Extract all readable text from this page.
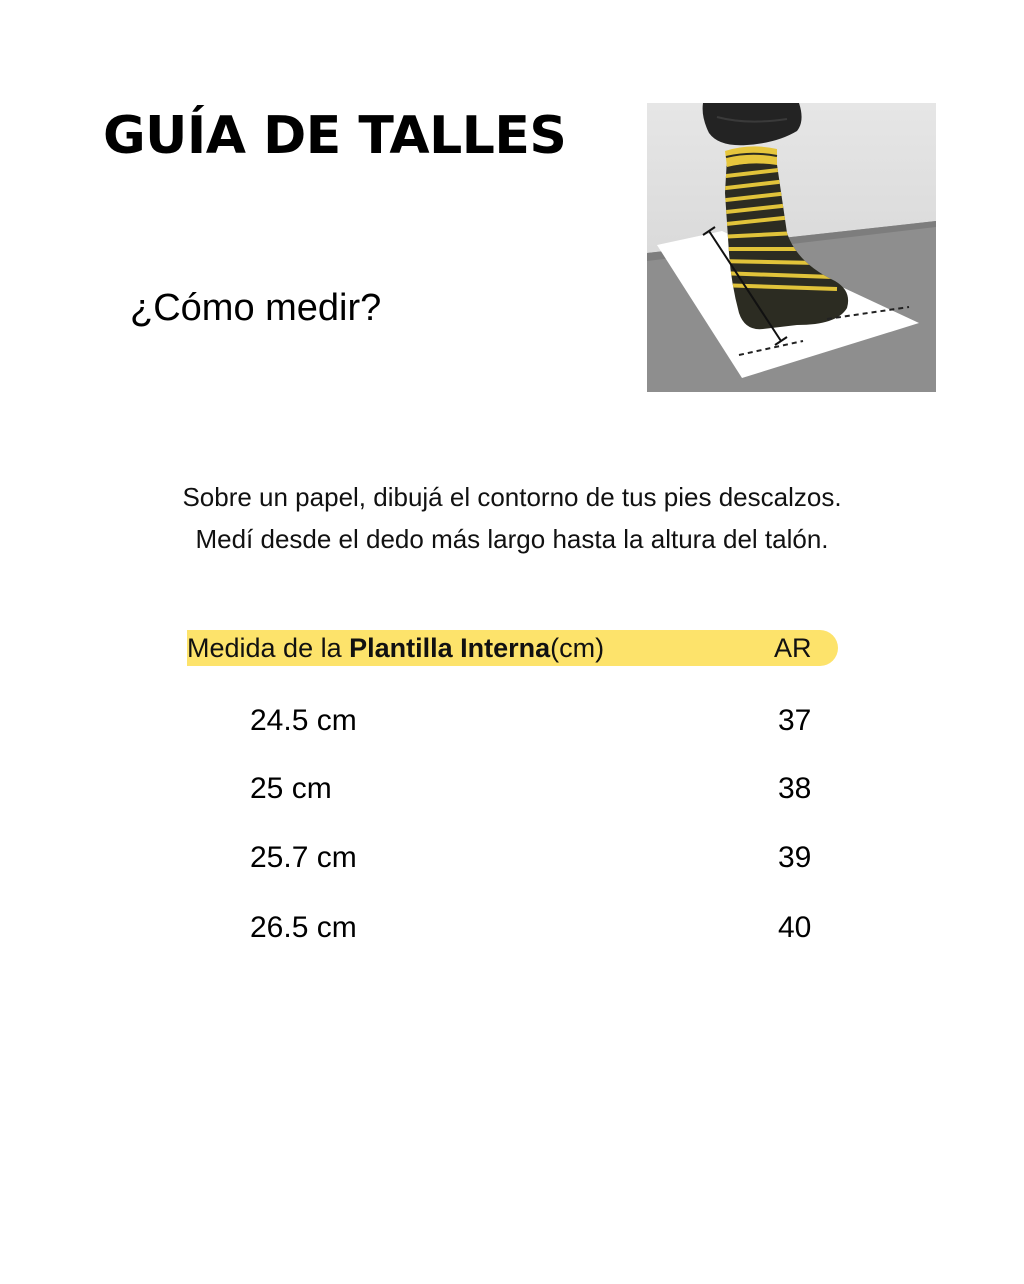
GUÍA DE TALLES
¿Cómo medir?
Sobre un papel, dibujá el contorno de tus pies descalzos.
Medí desde el dedo más largo hasta la altura del talón.
Medida de la Plantilla Interna(cm)	AR
24.5 cm	37
25 cm	38
25.7 cm	39
26.5 cm	40
